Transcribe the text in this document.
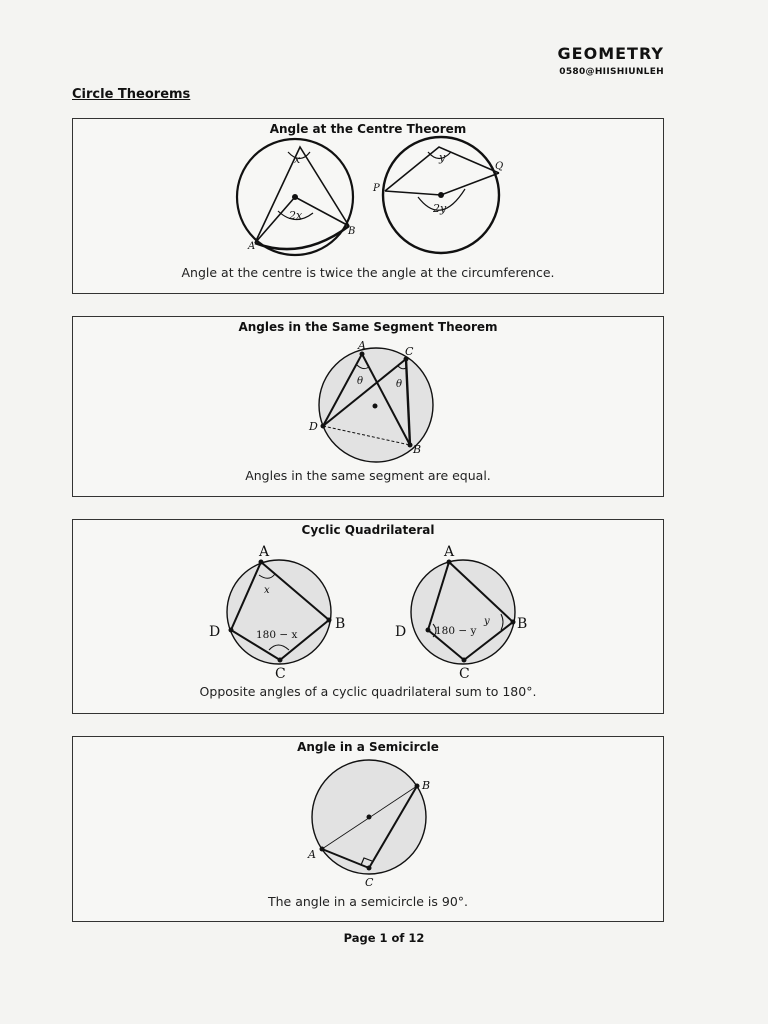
GEOMETRY
0580@HIISHIUNLEH
Circle Theorems
Angle at the Centre Theorem
x
2x
A
B
y
2y
P
Q
Angle at the centre is twice the angle at the circumference.
Angles in the Same Segment Theorem
A	C
D
B
θ	θ
Angles in the same segment are equal.
Cyclic Quadrilateral
A
B
C
D
x
180 − x
A
B
C
D
y
180 − y
Opposite angles of a cyclic quadrilateral sum to 180°.
Angle in a Semicircle
A
B
C
The angle in a semicircle is 90°.
Page 1 of 12
